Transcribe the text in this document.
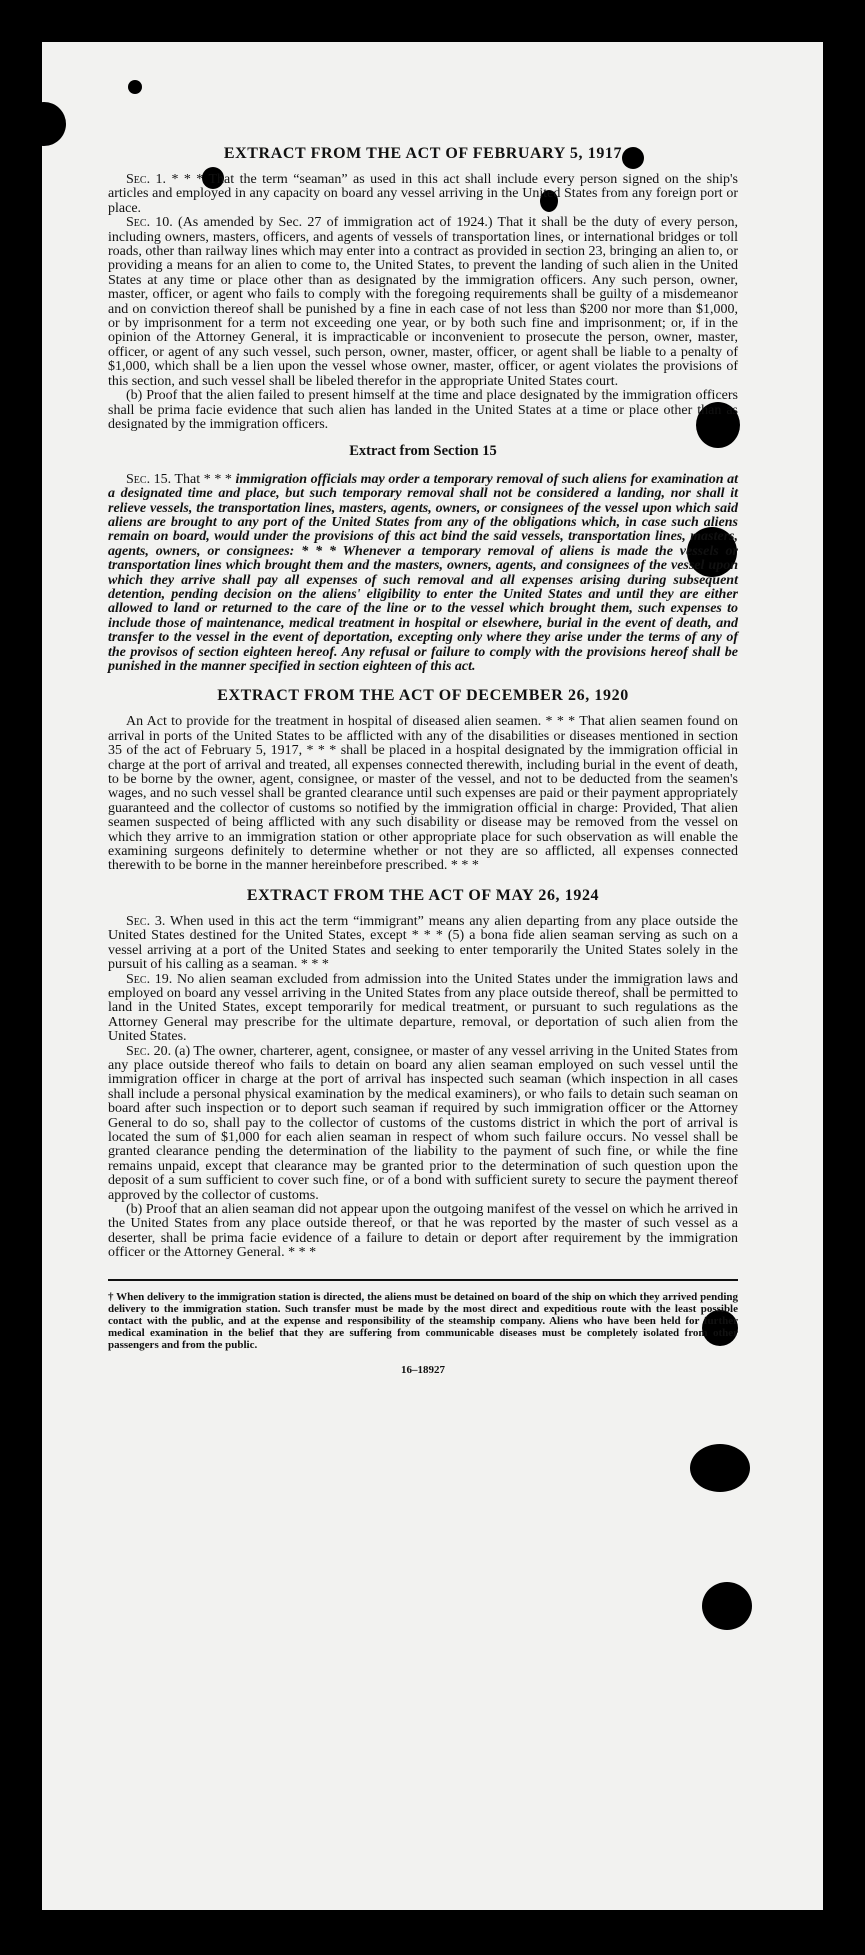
EXTRACT FROM THE ACT OF FEBRUARY 5, 1917

Sec. 1. * * * That the term “seaman” as used in this act shall include every person signed on the ship's articles and employed in any capacity on board any vessel arriving in the United States from any foreign port or place.

Sec. 10. (As amended by Sec. 27 of immigration act of 1924.) That it shall be the duty of every person, including owners, masters, officers, and agents of vessels of transportation lines, or international bridges or toll roads, other than railway lines which may enter into a contract as provided in section 23, bringing an alien to, or providing a means for an alien to come to, the United States, to prevent the landing of such alien in the United States at any time or place other than as designated by the immigration officers. Any such person, owner, master, officer, or agent who fails to comply with the foregoing requirements shall be guilty of a misdemeanor and on conviction thereof shall be punished by a fine in each case of not less than $200 nor more than $1,000, or by imprisonment for a term not exceeding one year, or by both such fine and imprisonment; or, if in the opinion of the Attorney General, it is impracticable or inconvenient to prosecute the person, owner, master, officer, or agent of any such vessel, such person, owner, master, officer, or agent shall be liable to a penalty of $1,000, which shall be a lien upon the vessel whose owner, master, officer, or agent violates the provisions of this section, and such vessel shall be libeled therefor in the appropriate United States court.

(b) Proof that the alien failed to present himself at the time and place designated by the immigration officers shall be prima facie evidence that such alien has landed in the United States at a time or place other than as designated by the immigration officers.

Extract from Section 15

Sec. 15. That * * * immigration officials may order a temporary removal of such aliens for examination at a designated time and place, but such temporary removal shall not be considered a landing, nor shall it relieve vessels, the transportation lines, masters, agents, owners, or consignees of the vessel upon which said aliens are brought to any port of the United States from any of the obligations which, in case such aliens remain on board, would under the provisions of this act bind the said vessels, transportation lines, masters, agents, owners, or consignees: * * * Whenever a temporary removal of aliens is made the vessels or transportation lines which brought them and the masters, owners, agents, and consignees of the vessel upon which they arrive shall pay all expenses of such removal and all expenses arising during subsequent detention, pending decision on the aliens' eligibility to enter the United States and until they are either allowed to land or returned to the care of the line or to the vessel which brought them, such expenses to include those of maintenance, medical treatment in hospital or elsewhere, burial in the event of death, and transfer to the vessel in the event of deportation, excepting only where they arise under the terms of any of the provisos of section eighteen hereof. Any refusal or failure to comply with the provisions hereof shall be punished in the manner specified in section eighteen of this act.

EXTRACT FROM THE ACT OF DECEMBER 26, 1920

An Act to provide for the treatment in hospital of diseased alien seamen. * * * That alien seamen found on arrival in ports of the United States to be afflicted with any of the disabilities or diseases mentioned in section 35 of the act of February 5, 1917, * * * shall be placed in a hospital designated by the immigration official in charge at the port of arrival and treated, all expenses connected therewith, including burial in the event of death, to be borne by the owner, agent, consignee, or master of the vessel, and not to be deducted from the seamen's wages, and no such vessel shall be granted clearance until such expenses are paid or their payment appropriately guaranteed and the collector of customs so notified by the immigration official in charge: Provided, That alien seamen suspected of being afflicted with any such disability or disease may be removed from the vessel on which they arrive to an immigration station or other appropriate place for such observation as will enable the examining surgeons definitely to determine whether or not they are so afflicted, all expenses connected therewith to be borne in the manner hereinbefore prescribed. * * *

EXTRACT FROM THE ACT OF MAY 26, 1924

Sec. 3. When used in this act the term “immigrant” means any alien departing from any place outside the United States destined for the United States, except * * * (5) a bona fide alien seaman serving as such on a vessel arriving at a port of the United States and seeking to enter temporarily the United States solely in the pursuit of his calling as a seaman. * * *

Sec. 19. No alien seaman excluded from admission into the United States under the immigration laws and employed on board any vessel arriving in the United States from any place outside thereof, shall be permitted to land in the United States, except temporarily for medical treatment, or pursuant to such regulations as the Attorney General may prescribe for the ultimate departure, removal, or deportation of such alien from the United States.

Sec. 20. (a) The owner, charterer, agent, consignee, or master of any vessel arriving in the United States from any place outside thereof who fails to detain on board any alien seaman employed on such vessel until the immigration officer in charge at the port of arrival has inspected such seaman (which inspection in all cases shall include a personal physical examination by the medical examiners), or who fails to detain such seaman on board after such inspection or to deport such seaman if required by such immigration officer or the Attorney General to do so, shall pay to the collector of customs of the customs district in which the port of arrival is located the sum of $1,000 for each alien seaman in respect of whom such failure occurs. No vessel shall be granted clearance pending the determination of the liability to the payment of such fine, or while the fine remains unpaid, except that clearance may be granted prior to the determination of such question upon the deposit of a sum sufficient to cover such fine, or of a bond with sufficient surety to secure the payment thereof approved by the collector of customs.

(b) Proof that an alien seaman did not appear upon the outgoing manifest of the vessel on which he arrived in the United States from any place outside thereof, or that he was reported by the master of such vessel as a deserter, shall be prima facie evidence of a failure to detain or deport after requirement by the immigration officer or the Attorney General. * * *

† When delivery to the immigration station is directed, the aliens must be detained on board of the ship on which they arrived pending delivery to the immigration station. Such transfer must be made by the most direct and expeditious route with the least possible contact with the public, and at the expense and responsibility of the steamship company. Aliens who have been held for further medical examination in the belief that they are suffering from communicable diseases must be completely isolated from other passengers and from the public.

16–18927
